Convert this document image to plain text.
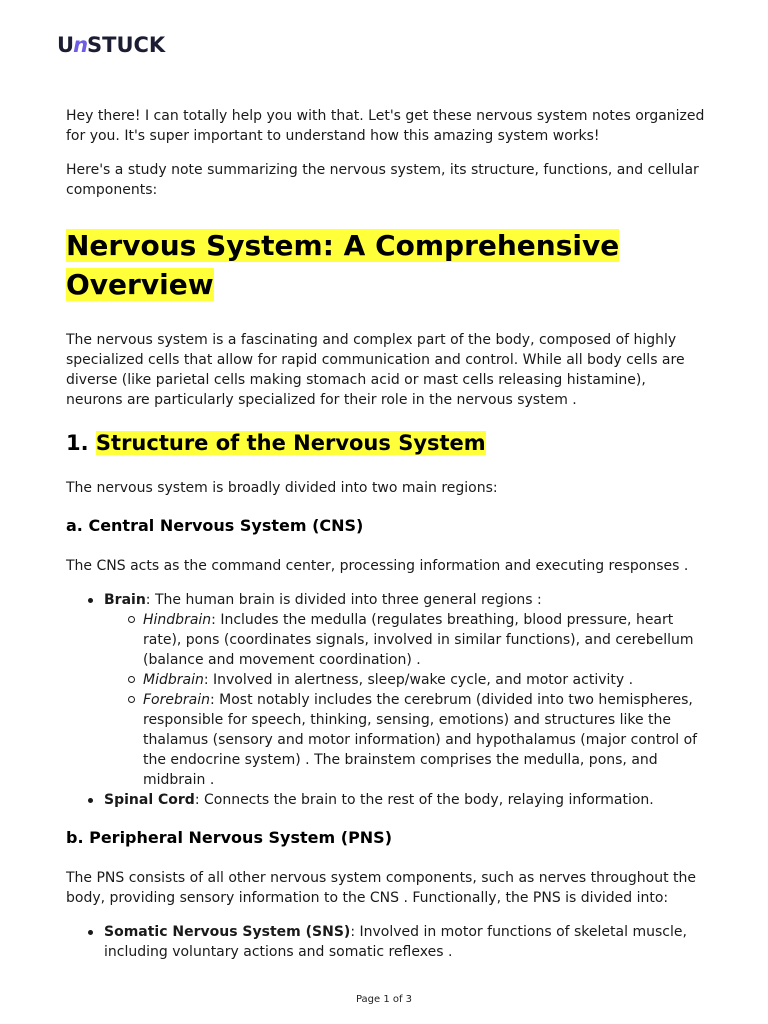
U n STUCK

Hey there! I can totally help you with that. Let's get these nervous system notes organized for you. It's super important to understand how this amazing system works!

Here's a study note summarizing the nervous system, its structure, functions, and cellular components:

Nervous System: A Comprehensive Overview

The nervous system is a fascinating and complex part of the body, composed of highly specialized cells that allow for rapid communication and control. While all body cells are diverse (like parietal cells making stomach acid or mast cells releasing histamine), neurons are particularly specialized for their role in the nervous system .

1. Structure of the Nervous System

The nervous system is broadly divided into two main regions:

a. Central Nervous System (CNS)

The CNS acts as the command center, processing information and executing responses .

Brain: The human brain is divided into three general regions :
Hindbrain: Includes the medulla (regulates breathing, blood pressure, heart rate), pons (coordinates signals, involved in similar functions), and cerebellum (balance and movement coordination) .
Midbrain: Involved in alertness, sleep/wake cycle, and motor activity .
Forebrain: Most notably includes the cerebrum (divided into two hemispheres, responsible for speech, thinking, sensing, emotions) and structures like the thalamus (sensory and motor information) and hypothalamus (major control of the endocrine system) . The brainstem comprises the medulla, pons, and midbrain .
Spinal Cord: Connects the brain to the rest of the body, relaying information.
b. Peripheral Nervous System (PNS)

The PNS consists of all other nervous system components, such as nerves throughout the body, providing sensory information to the CNS . Functionally, the PNS is divided into:

Somatic Nervous System (SNS): Involved in motor functions of skeletal muscle, including voluntary actions and somatic reflexes .
Page 1 of 3
